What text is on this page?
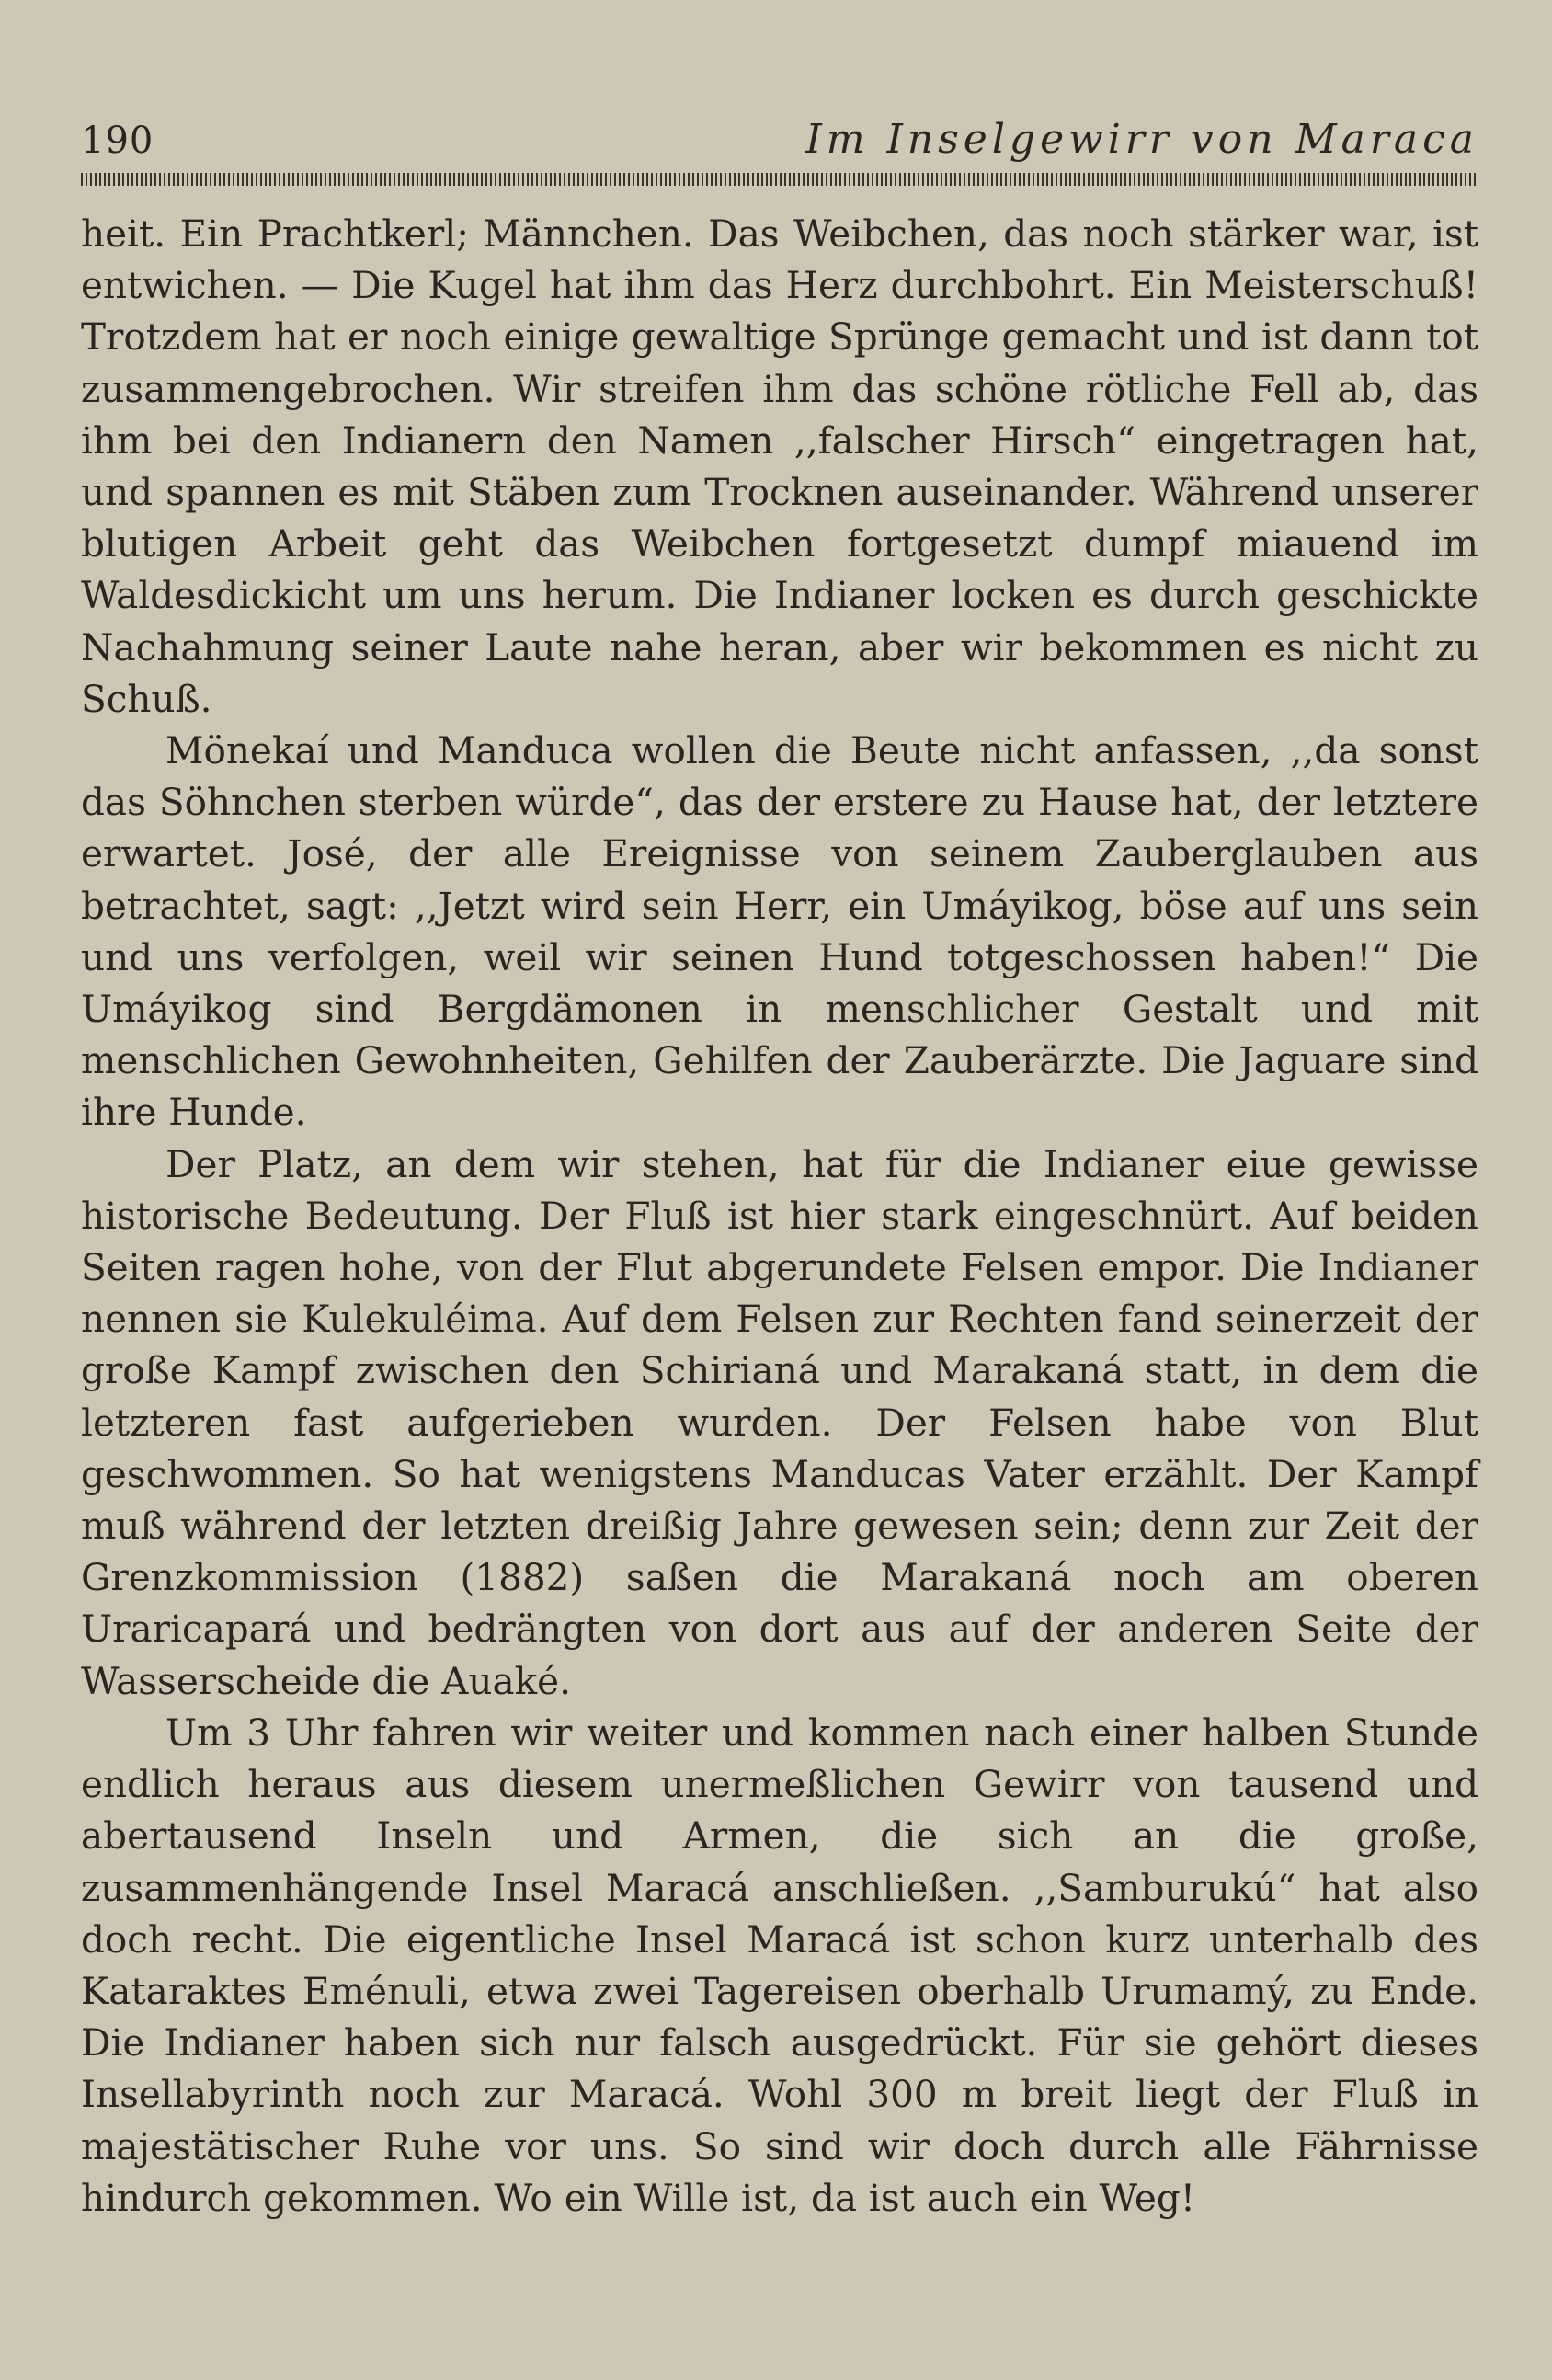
190	Im Inselgewirr von Maraca

heit. Ein Prachtkerl; Männchen. Das Weibchen, das noch stärker war, ist entwichen. — Die Kugel hat ihm das Herz durchbohrt. Ein Meisterschuß! Trotzdem hat er noch einige gewaltige Sprünge gemacht und ist dann tot zusammengebrochen. Wir streifen ihm das schöne rötliche Fell ab, das ihm bei den Indianern den Namen ,,falscher Hirsch“ eingetragen hat, und spannen es mit Stäben zum Trocknen auseinander. Während unserer blutigen Arbeit geht das Weibchen fortgesetzt dumpf miauend im Waldesdickicht um uns herum. Die Indianer locken es durch geschickte Nachahmung seiner Laute nahe heran, aber wir bekommen es nicht zu Schuß.

Mönekaí und Manduca wollen die Beute nicht anfassen, ,,da sonst das Söhnchen sterben würde“, das der erstere zu Hause hat, der letztere erwartet. José, der alle Ereignisse von seinem Zauberglauben aus betrachtet, sagt: ,,Jetzt wird sein Herr, ein Umáyikog, böse auf uns sein und uns verfolgen, weil wir seinen Hund totgeschossen haben!“ Die Umáyikog sind Bergdämonen in menschlicher Gestalt und mit menschlichen Gewohnheiten, Gehilfen der Zauberärzte. Die Jaguare sind ihre Hunde.

Der Platz, an dem wir stehen, hat für die Indianer eiue gewisse historische Bedeutung. Der Fluß ist hier stark eingeschnürt. Auf beiden Seiten ragen hohe, von der Flut abgerundete Felsen empor. Die Indianer nennen sie Kulekuléima. Auf dem Felsen zur Rechten fand seinerzeit der große Kampf zwischen den Schirianá und Marakaná statt, in dem die letzteren fast aufgerieben wurden. Der Felsen habe von Blut geschwommen. So hat wenigstens Manducas Vater erzählt. Der Kampf muß während der letzten dreißig Jahre gewesen sein; denn zur Zeit der Grenzkommission (1882) saßen die Marakaná noch am oberen Uraricapará und bedrängten von dort aus auf der anderen Seite der Wasserscheide die Auaké.

Um 3 Uhr fahren wir weiter und kommen nach einer halben Stunde endlich heraus aus diesem unermeßlichen Gewirr von tausend und abertausend Inseln und Armen, die sich an die große, zusammenhängende Insel Maracá anschließen. ,,Samburukú“ hat also doch recht. Die eigentliche Insel Maracá ist schon kurz unterhalb des Kataraktes Eménuli, etwa zwei Tagereisen oberhalb Urumamý, zu Ende. Die Indianer haben sich nur falsch ausgedrückt. Für sie gehört dieses Insellabyrinth noch zur Maracá. Wohl 300 m breit liegt der Fluß in majestätischer Ruhe vor uns. So sind wir doch durch alle Fährnisse hindurch gekommen. Wo ein Wille ist, da ist auch ein Weg!
